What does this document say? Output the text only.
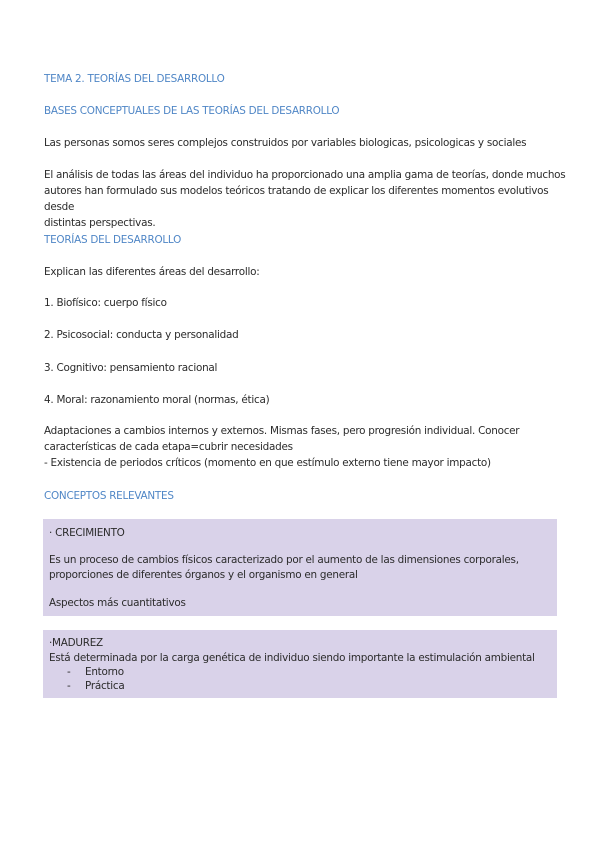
TEMA 2. TEORÍAS DEL DESARROLLO
BASES CONCEPTUALES DE LAS TEORÍAS DEL DESARROLLO
Las personas somos seres complejos construidos por variables biologicas, psicologicas y sociales
El análisis de todas las áreas del individuo ha proporcionado una amplia gama de teorías, donde muchos
autores han formulado sus modelos teóricos tratando de explicar los diferentes momentos evolutivos desde
distintas perspectivas.
TEORÍAS DEL DESARROLLO
Explican las diferentes áreas del desarrollo:
1. Biofísico: cuerpo físico
2. Psicosocial: conducta y personalidad
3. Cognitivo: pensamiento racional
4. Moral: razonamiento moral (normas, ética)
Adaptaciones a cambios internos y externos. Mismas fases, pero progresión individual. Conocer
características de cada etapa=cubrir necesidades
- Existencia de periodos críticos (momento en que estímulo externo tiene mayor impacto)
CONCEPTOS RELEVANTES
· CRECIMIENTO
Es un proceso de cambios físicos caracterizado por el aumento de las dimensiones corporales,
proporciones de diferentes órganos y el organismo en general
Aspectos más cuantitativos
·MADUREZ
Está determinada por la carga genética de individuo siendo importante la estimulación ambiental
- Entorno
- Práctica
